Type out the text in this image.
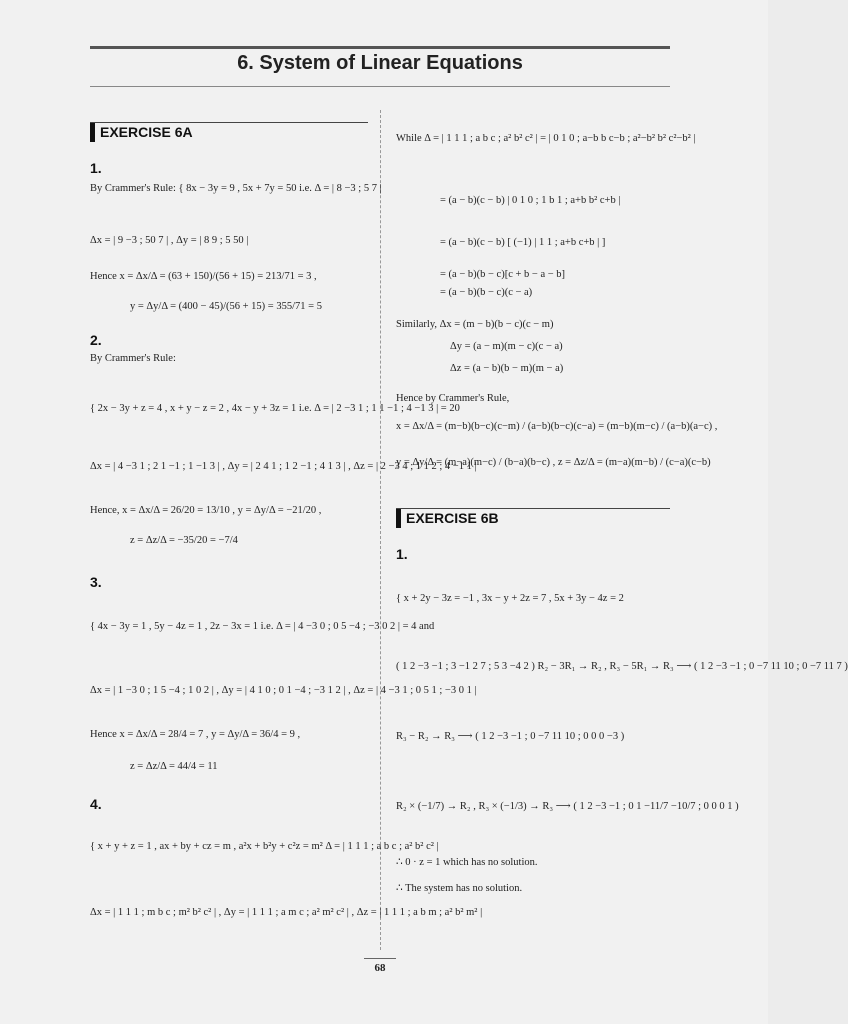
6. System of Linear Equations
EXERCISE 6A
1.
By Crammer's Rule: { 8x − 3y = 9 , 5x + 7y = 50 i.e. Δ = | 8 −3 ; 5 7 |
Δx = | 9 −3 ; 50 7 | , Δy = | 8 9 ; 5 50 |
Hence x = Δx/Δ = (63 + 150)/(56 + 15) = 213/71 = 3 ,
y = Δy/Δ = (400 − 45)/(56 + 15) = 355/71 = 5
2.
By Crammer's Rule:
{ 2x − 3y + z = 4 , x + y − z = 2 , 4x − y + 3z = 1 i.e. Δ = | 2 −3 1 ; 1 1 −1 ; 4 −1 3 | = 20
Δx = | 4 −3 1 ; 2 1 −1 ; 1 −1 3 | , Δy = | 2 4 1 ; 1 2 −1 ; 4 1 3 | , Δz = | 2 −3 4 ; 1 1 2 ; 4 −1 1 |
Hence, x = Δx/Δ = 26/20 = 13/10 , y = Δy/Δ = −21/20 ,
z = Δz/Δ = −35/20 = −7/4
3.
{ 4x − 3y = 1 , 5y − 4z = 1 , 2z − 3x = 1 i.e. Δ = | 4 −3 0 ; 0 5 −4 ; −3 0 2 | = 4 and
Δx = | 1 −3 0 ; 1 5 −4 ; 1 0 2 | , Δy = | 4 1 0 ; 0 1 −4 ; −3 1 2 | , Δz = | 4 −3 1 ; 0 5 1 ; −3 0 1 |
Hence x = Δx/Δ = 28/4 = 7 , y = Δy/Δ = 36/4 = 9 ,
z = Δz/Δ = 44/4 = 11
4.
{ x + y + z = 1 , ax + by + cz = m , a²x + b²y + c²z = m² Δ = | 1 1 1 ; a b c ; a² b² c² |
Δx = | 1 1 1 ; m b c ; m² b² c² | , Δy = | 1 1 1 ; a m c ; a² m² c² | , Δz = | 1 1 1 ; a b m ; a² b² m² |
While Δ = | 1 1 1 ; a b c ; a² b² c² | = | 0 1 0 ; a−b b c−b ; a²−b² b² c²−b² |
= (a − b)(c − b) | 0 1 0 ; 1 b 1 ; a+b b² c+b |
= (a − b)(c − b) [ (−1) | 1 1 ; a+b c+b | ]
= (a − b)(b − c)[c + b − a − b]
= (a − b)(b − c)(c − a)
Similarly, Δx = (m − b)(b − c)(c − m)
Δy = (a − m)(m − c)(c − a)
Δz = (a − b)(b − m)(m − a)
Hence by Crammer's Rule,
x = Δx/Δ = (m−b)(b−c)(c−m) / (a−b)(b−c)(c−a) = (m−b)(m−c) / (a−b)(a−c) ,
y = Δy/Δ = (m−a)(m−c) / (b−a)(b−c) , z = Δz/Δ = (m−a)(m−b) / (c−a)(c−b)
EXERCISE 6B
1.
{ x + 2y − 3z = −1 , 3x − y + 2z = 7 , 5x + 3y − 4z = 2
( 1 2 −3 −1 ; 3 −1 2 7 ; 5 3 −4 2 ) R₂ − 3R₁ → R₂ , R₃ − 5R₁ → R₃ ⟶ ( 1 2 −3 −1 ; 0 −7 11 10 ; 0 −7 11 7 )
R₃ − R₂ → R₃ ⟶ ( 1 2 −3 −1 ; 0 −7 11 10 ; 0 0 0 −3 )
R₂ × (−1/7) → R₂ , R₃ × (−1/3) → R₃ ⟶ ( 1 2 −3 −1 ; 0 1 −11/7 −10/7 ; 0 0 0 1 )
∴ 0 · z = 1 which has no solution.
∴ The system has no solution.
68
